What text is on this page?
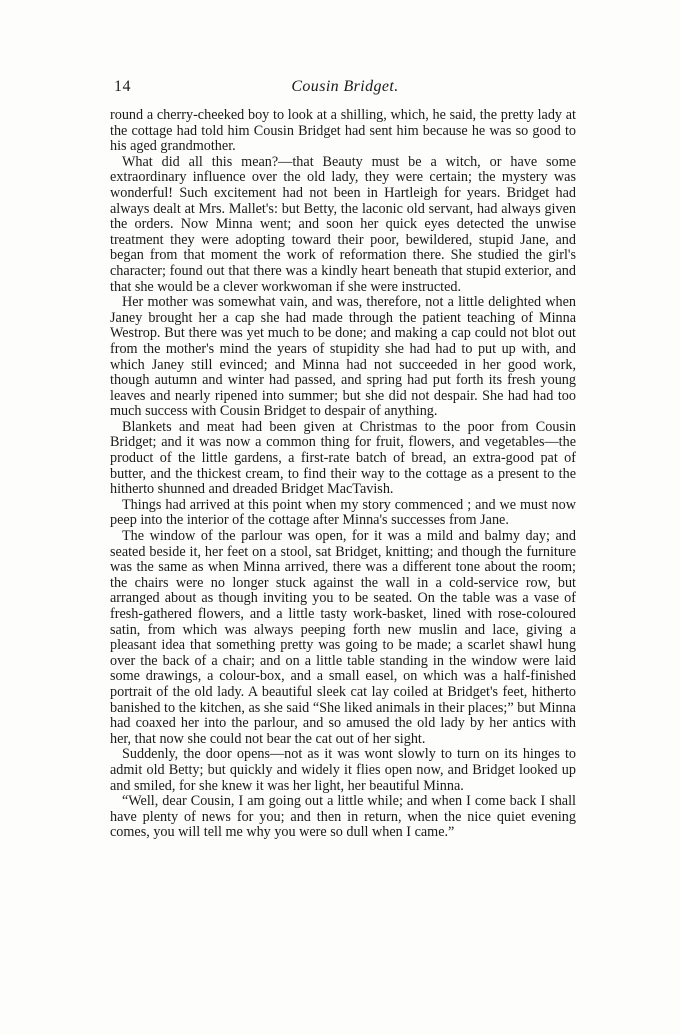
14	Cousin Bridget.

round a cherry-cheeked boy to look at a shilling, which, he said, the pretty lady at the cottage had told him Cousin Bridget had sent him because he was so good to his aged grandmother.

What did all this mean?—that Beauty must be a witch, or have some extraordinary influence over the old lady, they were certain; the mystery was wonderful! Such excitement had not been in Hartleigh for years. Bridget had always dealt at Mrs. Mallet's: but Betty, the laconic old servant, had always given the orders. Now Minna went; and soon her quick eyes detected the unwise treatment they were adopting toward their poor, bewildered, stupid Jane, and began from that moment the work of reformation there. She studied the girl's character; found out that there was a kindly heart beneath that stupid exterior, and that she would be a clever workwoman if she were instructed.

Her mother was somewhat vain, and was, therefore, not a little delighted when Janey brought her a cap she had made through the patient teaching of Minna Westrop. But there was yet much to be done; and making a cap could not blot out from the mother's mind the years of stupidity she had had to put up with, and which Janey still evinced; and Minna had not succeeded in her good work, though autumn and winter had passed, and spring had put forth its fresh young leaves and nearly ripened into summer; but she did not despair. She had had too much success with Cousin Bridget to despair of anything.

Blankets and meat had been given at Christmas to the poor from Cousin Bridget; and it was now a common thing for fruit, flowers, and vegetables—the product of the little gardens, a first-rate batch of bread, an extra-good pat of butter, and the thickest cream, to find their way to the cottage as a present to the hitherto shunned and dreaded Bridget MacTavish.

Things had arrived at this point when my story commenced ; and we must now peep into the interior of the cottage after Minna's successes from Jane.

The window of the parlour was open, for it was a mild and balmy day; and seated beside it, her feet on a stool, sat Bridget, knitting; and though the furniture was the same as when Minna arrived, there was a different tone about the room; the chairs were no longer stuck against the wall in a cold-service row, but arranged about as though inviting you to be seated. On the table was a vase of fresh-gathered flowers, and a little tasty work-basket, lined with rose-coloured satin, from which was always peeping forth new muslin and lace, giving a pleasant idea that something pretty was going to be made; a scarlet shawl hung over the back of a chair; and on a little table standing in the window were laid some drawings, a colour-box, and a small easel, on which was a half-finished portrait of the old lady. A beautiful sleek cat lay coiled at Bridget's feet, hitherto banished to the kitchen, as she said “She liked animals in their places;” but Minna had coaxed her into the parlour, and so amused the old lady by her antics with her, that now she could not bear the cat out of her sight.

Suddenly, the door opens—not as it was wont slowly to turn on its hinges to admit old Betty; but quickly and widely it flies open now, and Bridget looked up and smiled, for she knew it was her light, her beautiful Minna.

“Well, dear Cousin, I am going out a little while; and when I come back I shall have plenty of news for you; and then in return, when the nice quiet evening comes, you will tell me why you were so dull when I came.”
